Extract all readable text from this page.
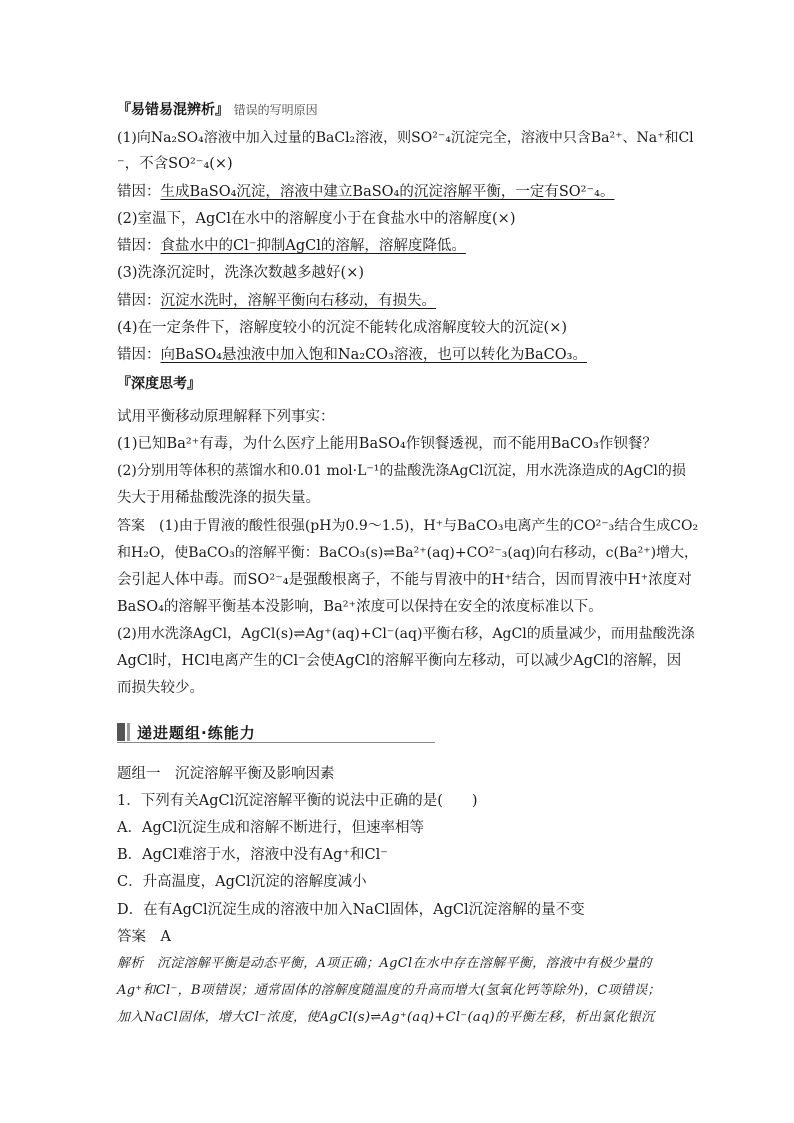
『易错易混辨析』 错误的写明原因
(1)向Na₂SO₄溶液中加入过量的BaCl₂溶液，则SO²⁻₄沉淀完全，溶液中只含Ba²⁺、Na⁺和Cl
⁻，不含SO²⁻₄(×)
错因：生成BaSO₄沉淀，溶液中建立BaSO₄的沉淀溶解平衡，一定有SO²⁻₄。
(2)室温下，AgCl在水中的溶解度小于在食盐水中的溶解度(×)
错因：食盐水中的Cl⁻抑制AgCl的溶解，溶解度降低。
(3)洗涤沉淀时，洗涤次数越多越好(×)
错因：沉淀水洗时，溶解平衡向右移动，有损失。
(4)在一定条件下，溶解度较小的沉淀不能转化成溶解度较大的沉淀(×)
错因：向BaSO₄悬浊液中加入饱和Na₂CO₃溶液，也可以转化为BaCO₃。
『深度思考』
试用平衡移动原理解释下列事实：
(1)已知Ba²⁺有毒，为什么医疗上能用BaSO₄作钡餐透视，而不能用BaCO₃作钡餐？
(2)分别用等体积的蒸馏水和0.01 mol·L⁻¹的盐酸洗涤AgCl沉淀，用水洗涤造成的AgCl的损
失大于用稀盐酸洗涤的损失量。
答案　(1)由于胃液的酸性很强(pH为0.9～1.5)，H⁺与BaCO₃电离产生的CO²⁻₃结合生成CO₂
和H₂O，使BaCO₃的溶解平衡：BaCO₃(s)⇌Ba²⁺(aq)+CO²⁻₃(aq)向右移动，c(Ba²⁺)增大，
会引起人体中毒。而SO²⁻₄是强酸根离子，不能与胃液中的H⁺结合，因而胃液中H⁺浓度对
BaSO₄的溶解平衡基本没影响，Ba²⁺浓度可以保持在安全的浓度标准以下。
(2)用水洗涤AgCl，AgCl(s)⇌Ag⁺(aq)+Cl⁻(aq)平衡右移，AgCl的质量减少，而用盐酸洗涤
AgCl时，HCl电离产生的Cl⁻会使AgCl的溶解平衡向左移动，可以减少AgCl的溶解，因
而损失较少。
递进题组·练能力
题组一　沉淀溶解平衡及影响因素
1．下列有关AgCl沉淀溶解平衡的说法中正确的是(　　)
A．AgCl沉淀生成和溶解不断进行，但速率相等
B．AgCl难溶于水，溶液中没有Ag⁺和Cl⁻
C．升高温度，AgCl沉淀的溶解度减小
D．在有AgCl沉淀生成的溶液中加入NaCl固体，AgCl沉淀溶解的量不变
答案　A
解析　沉淀溶解平衡是动态平衡，A项正确；AgCl在水中存在溶解平衡，溶液中有极少量的
Ag⁺和Cl⁻，B项错误；通常固体的溶解度随温度的升高而增大(氢氧化钙等除外)，C项错误；
加入NaCl固体，增大Cl⁻浓度，使AgCl(s)⇌Ag⁺(aq)+Cl⁻(aq)的平衡左移，析出氯化银沉
